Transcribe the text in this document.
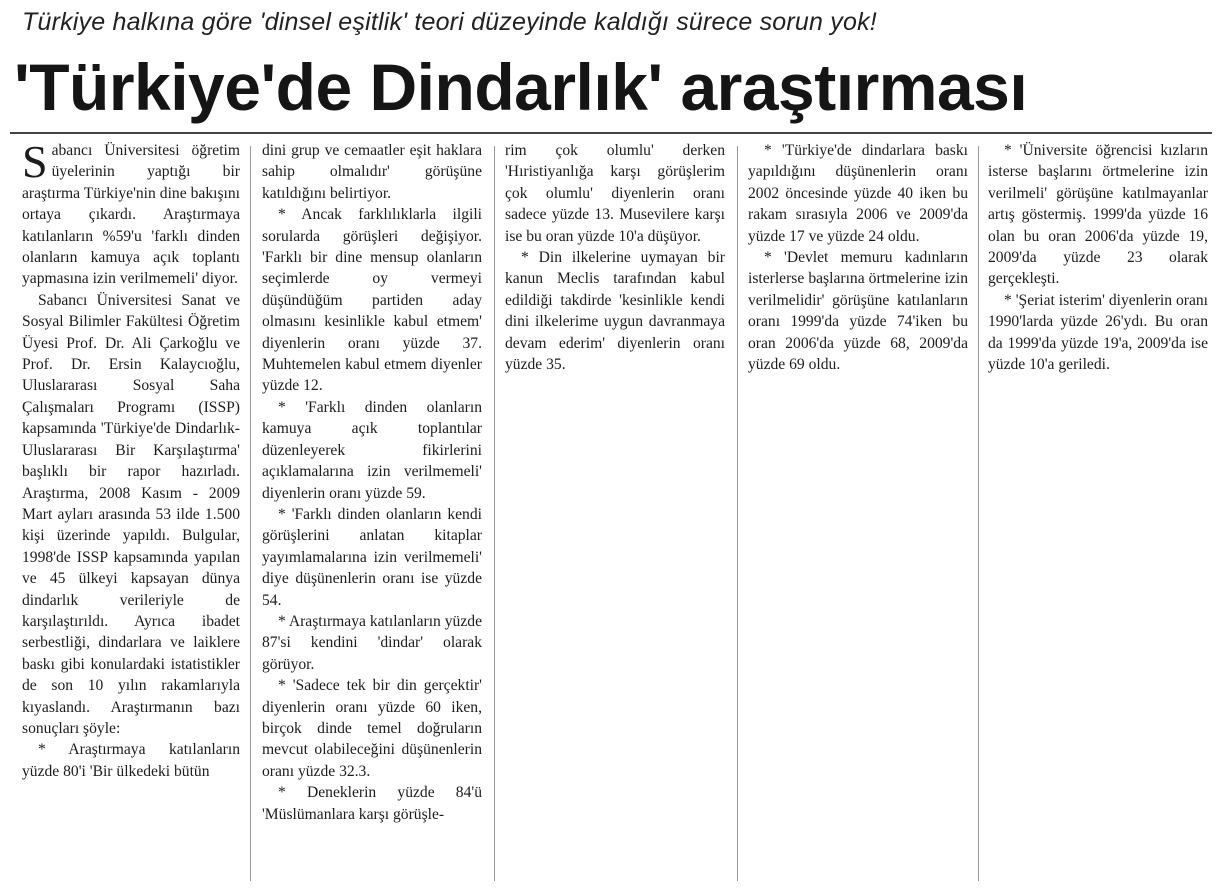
Türkiye halkına göre 'dinsel eşitlik' teori düzeyinde kaldığı sürece sorun yok!
'Türkiye'de Dindarlık' araştırması

Sabancı Üniversitesi öğretim üyelerinin yaptığı bir araştırma Türkiye'nin dine bakışını ortaya çıkardı. Araştırmaya katılanların %59'u 'farklı dinden olanların kamuya açık toplantı yapmasına izin verilmemeli' diyor.

Sabancı Üniversitesi Sanat ve Sosyal Bilimler Fakültesi Öğretim Üyesi Prof. Dr. Ali Çarkoğlu ve Prof. Dr. Ersin Kalaycıoğlu, Uluslararası Sosyal Saha Çalışmaları Programı (ISSP) kapsamında 'Türkiye'de Dindarlık-Uluslararası Bir Karşılaştırma' başlıklı bir rapor hazırladı. Araştırma, 2008 Kasım - 2009 Mart ayları arasında 53 ilde 1.500 kişi üzerinde yapıldı. Bulgular, 1998'de ISSP kapsamında yapılan ve 45 ülkeyi kapsayan dünya dindarlık verileriyle de karşılaştırıldı. Ayrıca ibadet serbestliği, dindarlara ve laiklere baskı gibi konulardaki istatistikler de son 10 yılın rakamlarıyla kıyaslandı. Araştırmanın bazı sonuçları şöyle:

* Araştırmaya katılanların yüzde 80'i 'Bir ülkedeki bütün

dini grup ve cemaatler eşit haklara sahip olmalıdır' görüşüne katıldığını belirtiyor.

* Ancak farklılıklarla ilgili sorularda görüşleri değişiyor. 'Farklı bir dine mensup olanların seçimlerde oy vermeyi düşündüğüm partiden aday olmasını kesinlikle kabul etmem' diyenlerin oranı yüzde 37. Muhtemelen kabul etmem diyenler yüzde 12.

* 'Farklı dinden olanların kamuya açık toplantılar düzenleyerek fikirlerini açıklamalarına izin verilmemeli' diyenlerin oranı yüzde 59.

* 'Farklı dinden olanların kendi görüşlerini anlatan kitaplar yayımlamalarına izin verilmemeli' diye düşünenlerin oranı ise yüzde 54.

* Araştırmaya katılanların yüzde 87'si kendini 'dindar' olarak görüyor.

* 'Sadece tek bir din gerçektir' diyenlerin oranı yüzde 60 iken, birçok dinde temel doğruların mevcut olabileceğini düşünenlerin oranı yüzde 32.3.

* Deneklerin yüzde 84'ü 'Müslümanlara karşı görüşle-

rim çok olumlu' derken 'Hıristiyanlığa karşı görüşlerim çok olumlu' diyenlerin oranı sadece yüzde 13. Musevilere karşı ise bu oran yüzde 10'a düşüyor.

* Din ilkelerine uymayan bir kanun Meclis tarafından kabul edildiği takdirde 'kesinlikle kendi dini ilkelerime uygun davranmaya devam ederim' diyenlerin oranı yüzde 35.

* 'Türkiye'de dindarlara baskı yapıldığını düşünenlerin oranı 2002 öncesinde yüzde 40 iken bu rakam sırasıyla 2006 ve 2009'da yüzde 17 ve yüzde 24 oldu.

* 'Devlet memuru kadınların isterlerse başlarına örtmelerine izin verilmelidir' görüşüne katılanların oranı 1999'da yüzde 74'iken bu oran 2006'da yüzde 68, 2009'da yüzde 69 oldu.

* 'Üniversite öğrencisi kızların isterse başlarını örtmelerine izin verilmeli' görüşüne katılmayanlar artış göstermiş. 1999'da yüzde 16 olan bu oran 2006'da yüzde 19, 2009'da yüzde 23 olarak gerçekleşti.

* 'Şeriat isterim' diyenlerin oranı 1990'larda yüzde 26'ydı. Bu oran da 1999'da yüzde 19'a, 2009'da ise yüzde 10'a geriledi.
